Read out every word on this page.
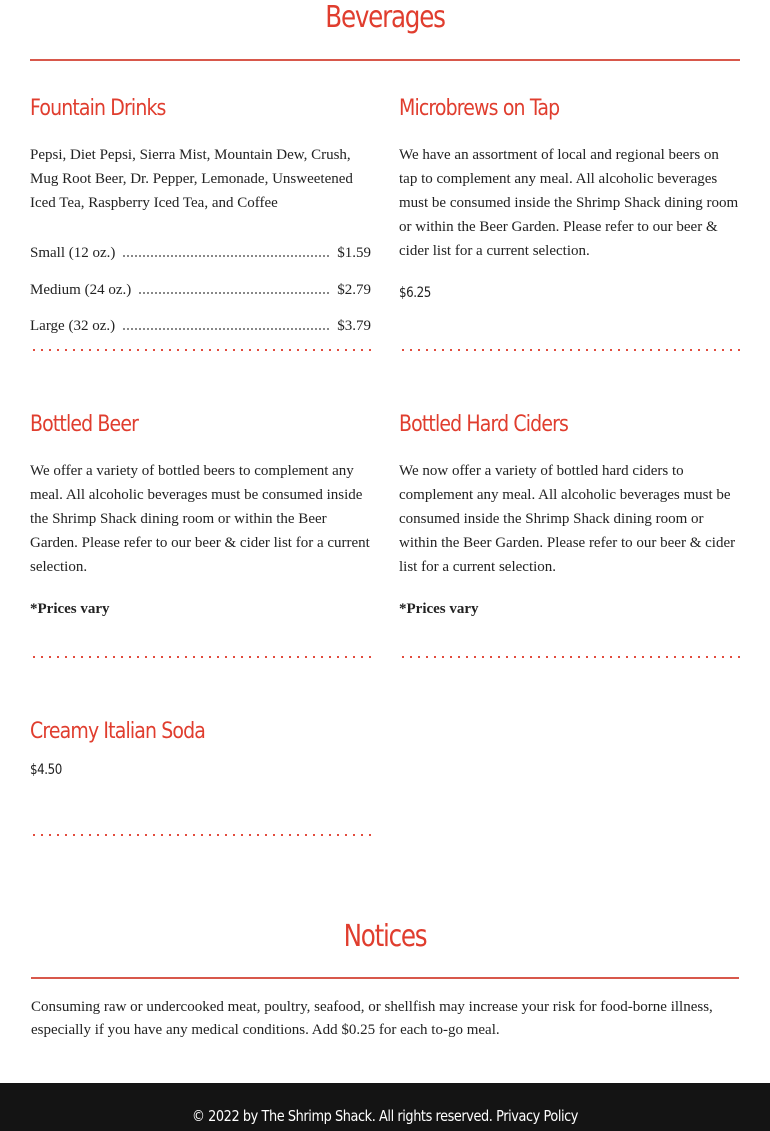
Beverages
Fountain Drinks
Pepsi, Diet Pepsi, Sierra Mist, Mountain Dew, Crush, Mug Root Beer, Dr. Pepper, Lemonade, Unsweetened Iced Tea, Raspberry Iced Tea, and Coffee
Small (12 oz.)	$1.59
Medium (24 oz.)	$2.79
Large (32 oz.)	$3.79
Microbrews on Tap
We have an assortment of local and regional beers on tap to complement any meal. All alcoholic beverages must be consumed inside the Shrimp Shack dining room or within the Beer Garden. Please refer to our beer & cider list for a current selection.
$6.25
Bottled Beer
We offer a variety of bottled beers to complement any meal. All alcoholic beverages must be consumed inside the Shrimp Shack dining room or within the Beer Garden. Please refer to our beer & cider list for a current selection.
*Prices vary
Bottled Hard Ciders
We now offer a variety of bottled hard ciders to complement any meal. All alcoholic beverages must be consumed inside the Shrimp Shack dining room or within the Beer Garden. Please refer to our beer & cider list for a current selection.
*Prices vary
Creamy Italian Soda
$4.50
Notices
Consuming raw or undercooked meat, poultry, seafood, or shellfish may increase your risk for food-borne illness, especially if you have any medical conditions. Add $0.25 for each to-go meal.
© 2022 by The Shrimp Shack. All rights reserved. Privacy Policy
